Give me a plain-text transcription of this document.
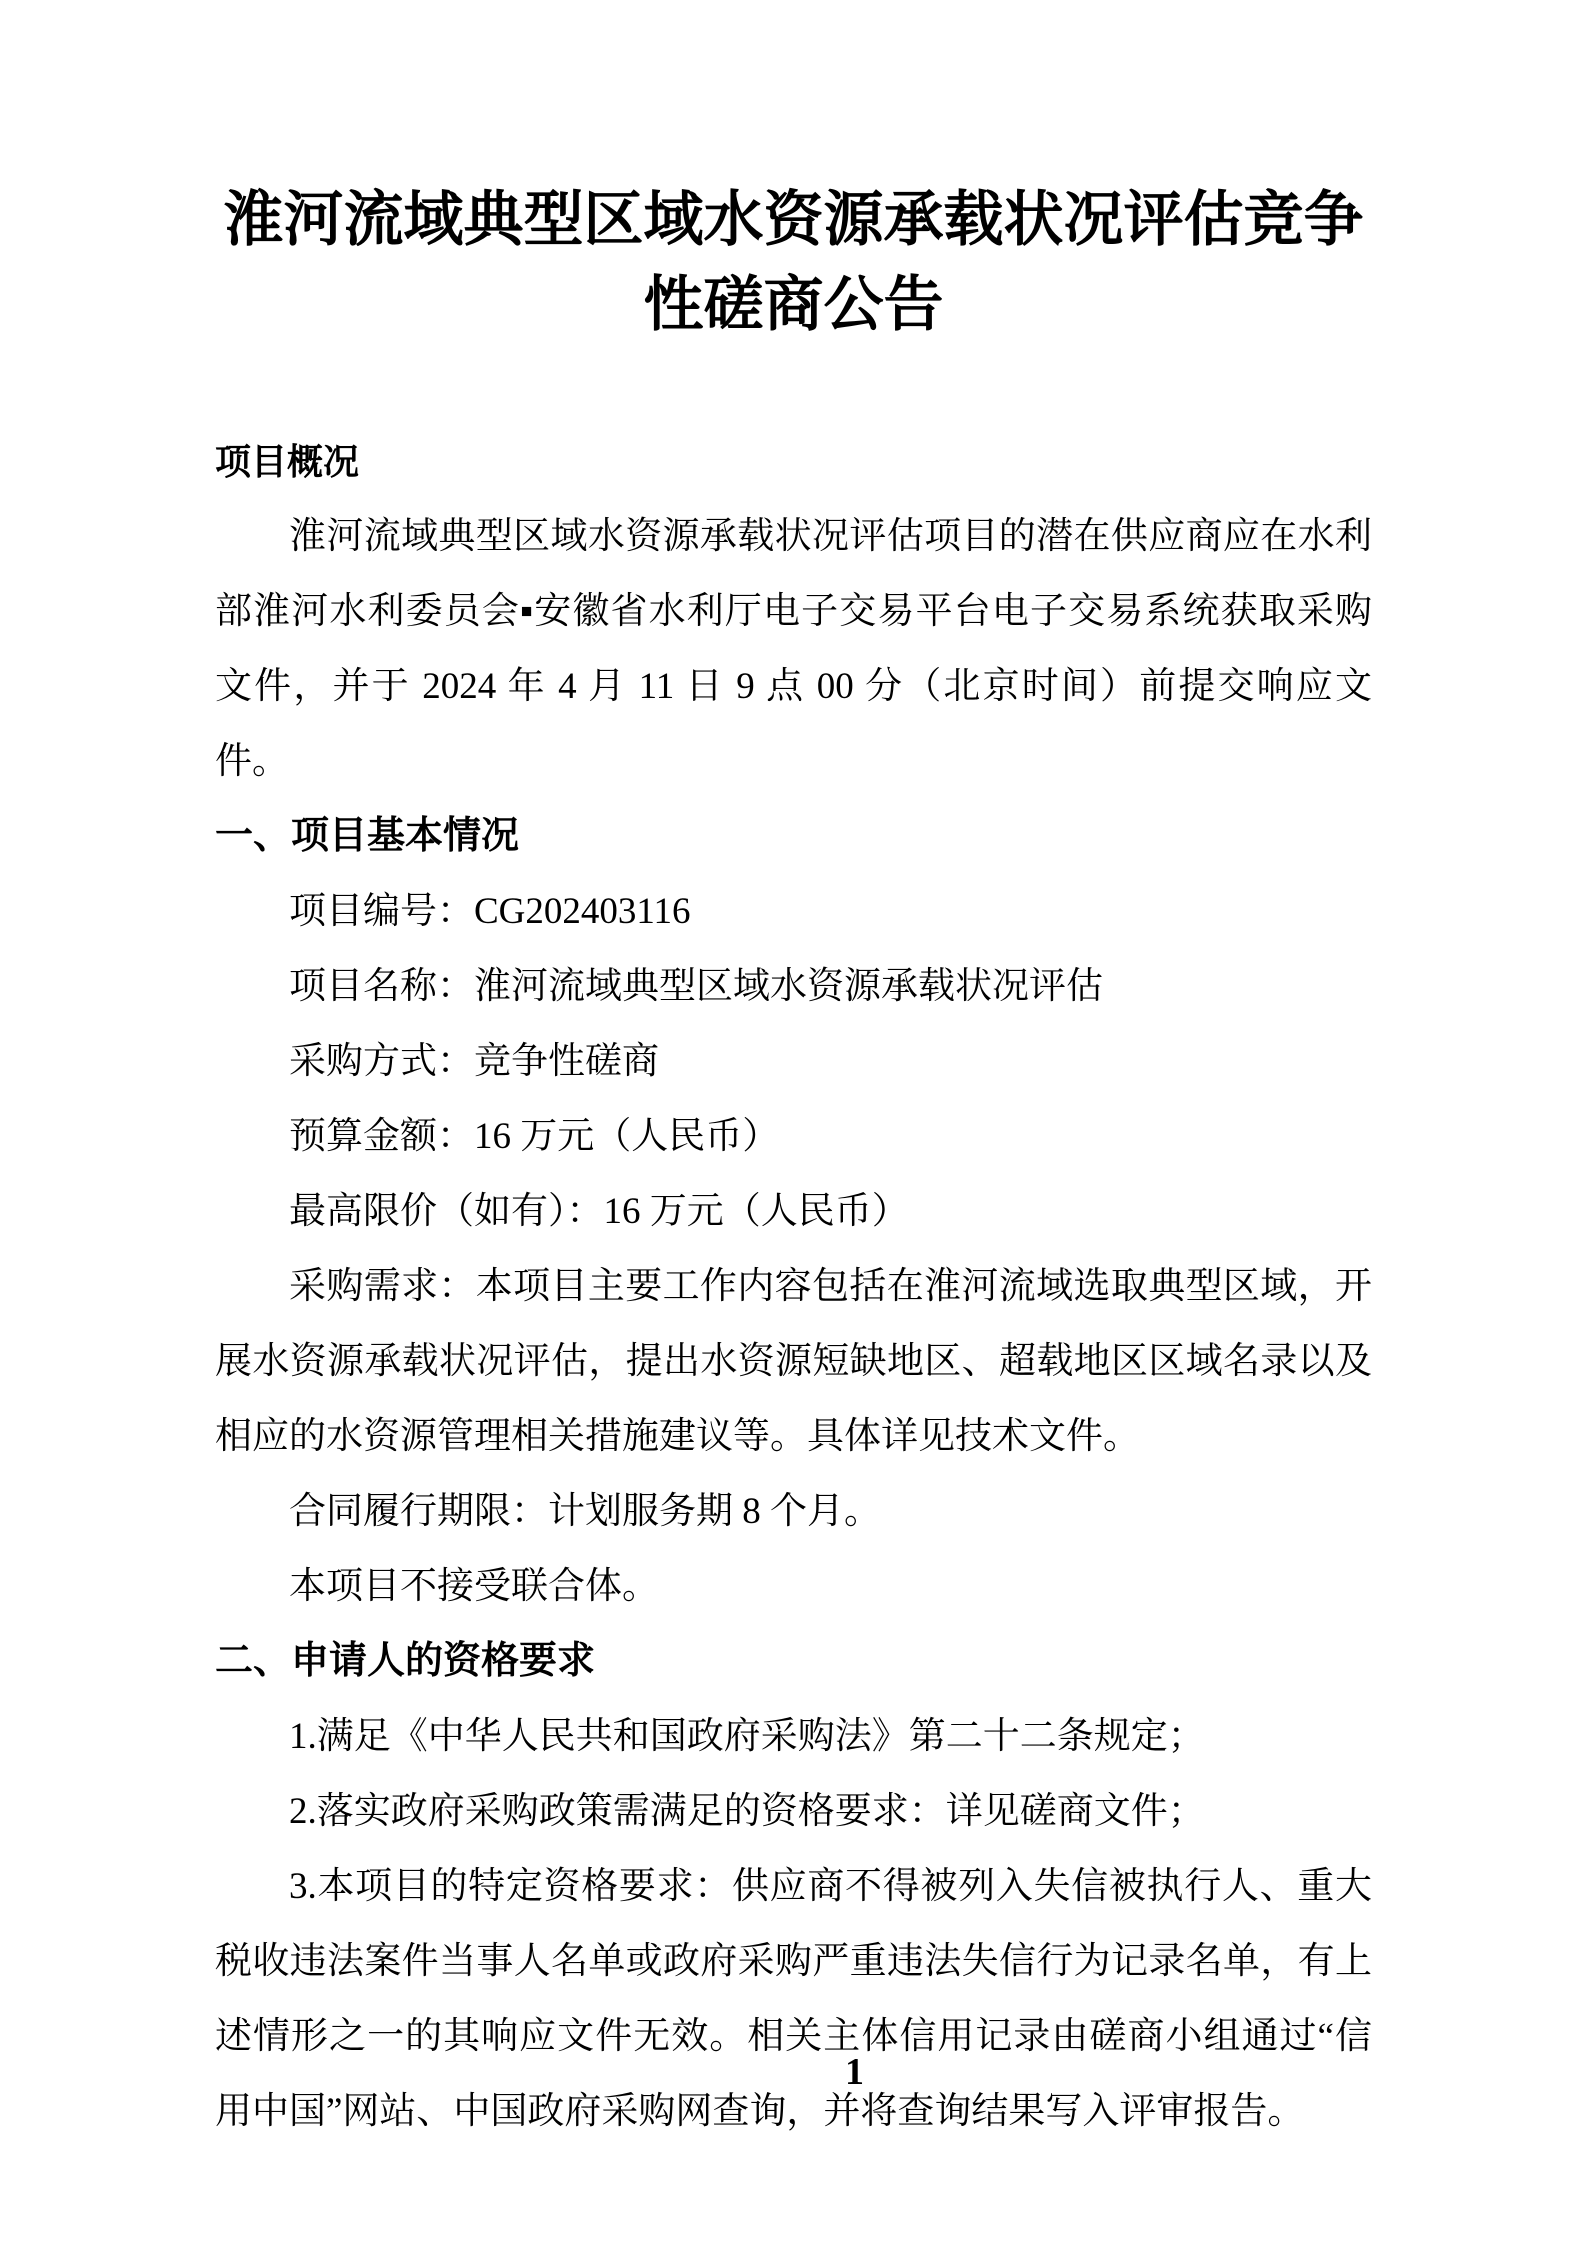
淮河流域典型区域水资源承载状况评估竞争性磋商公告
项目概况

淮河流域典型区域水资源承载状况评估项目的潜在供应商应在水利部淮河水利委员会▪安徽省水利厅电子交易平台电子交易系统获取采购文件，并于 2024 年 4 月 11 日 9 点 00 分（北京时间）前提交响应文件。

一、项目基本情况

项目编号：CG202403116

项目名称：淮河流域典型区域水资源承载状况评估

采购方式：竞争性磋商

预算金额：16 万元（人民币）

最高限价（如有）：16 万元（人民币）

采购需求：本项目主要工作内容包括在淮河流域选取典型区域，开展水资源承载状况评估，提出水资源短缺地区、超载地区区域名录以及相应的水资源管理相关措施建议等。具体详见技术文件。

合同履行期限：计划服务期 8 个月。

本项目不接受联合体。

二、申请人的资格要求

1.满足《中华人民共和国政府采购法》第二十二条规定；

2.落实政府采购政策需满足的资格要求：详见磋商文件；

3.本项目的特定资格要求：供应商不得被列入失信被执行人、重大税收违法案件当事人名单或政府采购严重违法失信行为记录名单，有上述情形之一的其响应文件无效。相关主体信用记录由磋商小组通过“信用中国”网站、中国政府采购网查询，并将查询结果写入评审报告。

1
